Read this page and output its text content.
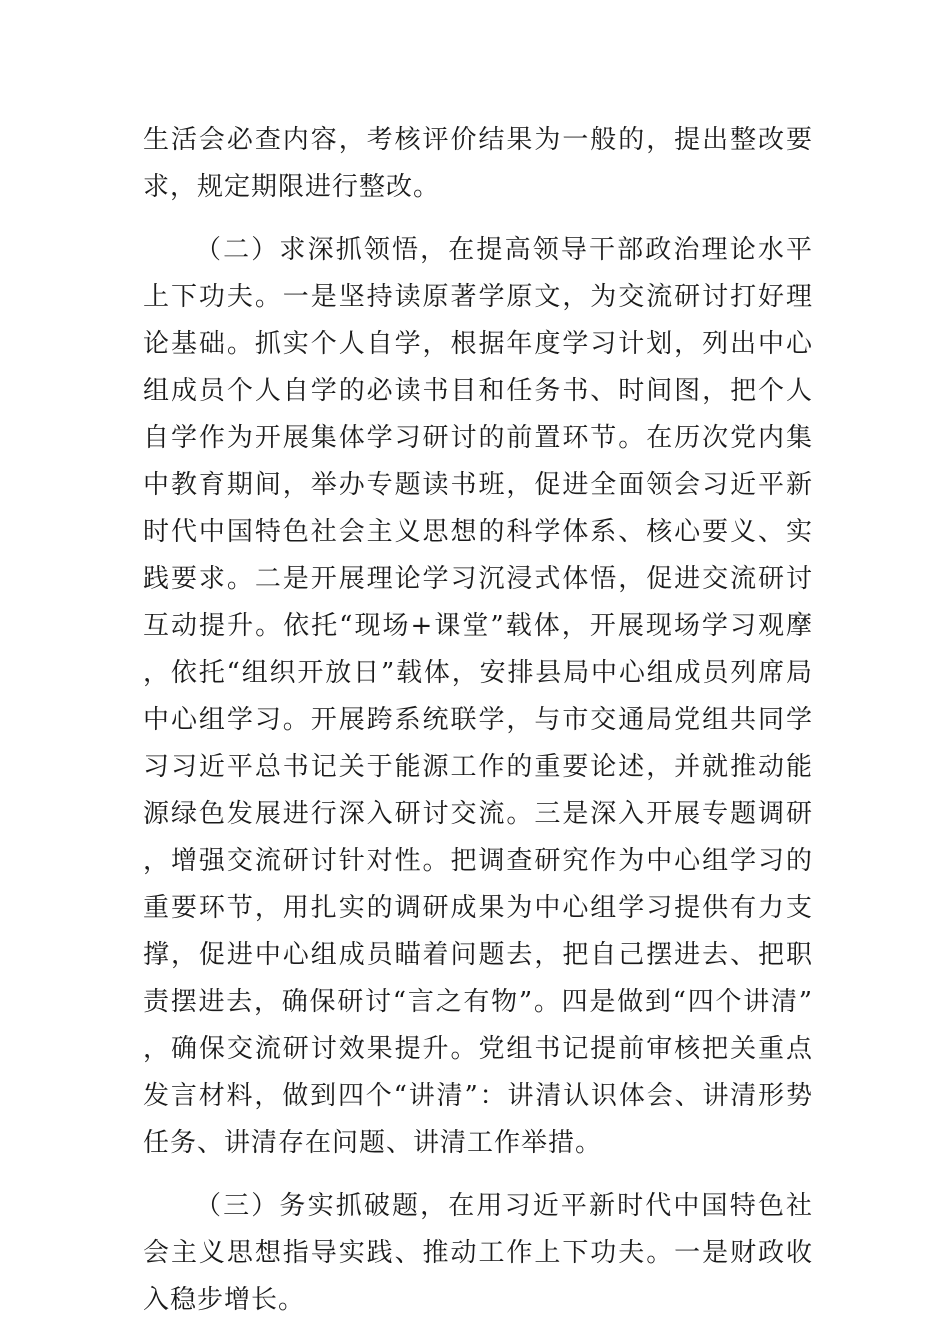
生活会必查内容，考核评价结果为一般的，提出整改要求，规定期限进行整改。

（二）求深抓领悟，在提高领导干部政治理论水平上下功夫。一是坚持读原著学原文，为交流研讨打好理论基础。抓实个人自学，根据年度学习计划，列出中心组成员个人自学的必读书目和任务书、时间图，把个人自学作为开展集体学习研讨的前置环节。在历次党内集中教育期间，举办专题读书班，促进全面领会习近平新时代中国特色社会主义思想的科学体系、核心要义、实践要求。二是开展理论学习沉浸式体悟，促进交流研讨互动提升。依托“现场+课堂”载体，开展现场学习观摩，依托“组织开放日”载体，安排县局中心组成员列席局中心组学习。开展跨系统联学，与市交通局党组共同学习习近平总书记关于能源工作的重要论述，并就推动能源绿色发展进行深入研讨交流。三是深入开展专题调研，增强交流研讨针对性。把调查研究作为中心组学习的重要环节，用扎实的调研成果为中心组学习提供有力支撑，促进中心组成员瞄着问题去，把自己摆进去、把职责摆进去，确保研讨“言之有物”。四是做到“四个讲清”，确保交流研讨效果提升。党组书记提前审核把关重点发言材料，做到四个“讲清”：讲清认识体会、讲清形势任务、讲清存在问题、讲清工作举措。

（三）务实抓破题，在用习近平新时代中国特色社会主义思想指导实践、推动工作上下功夫。一是财政收入稳步增长。
